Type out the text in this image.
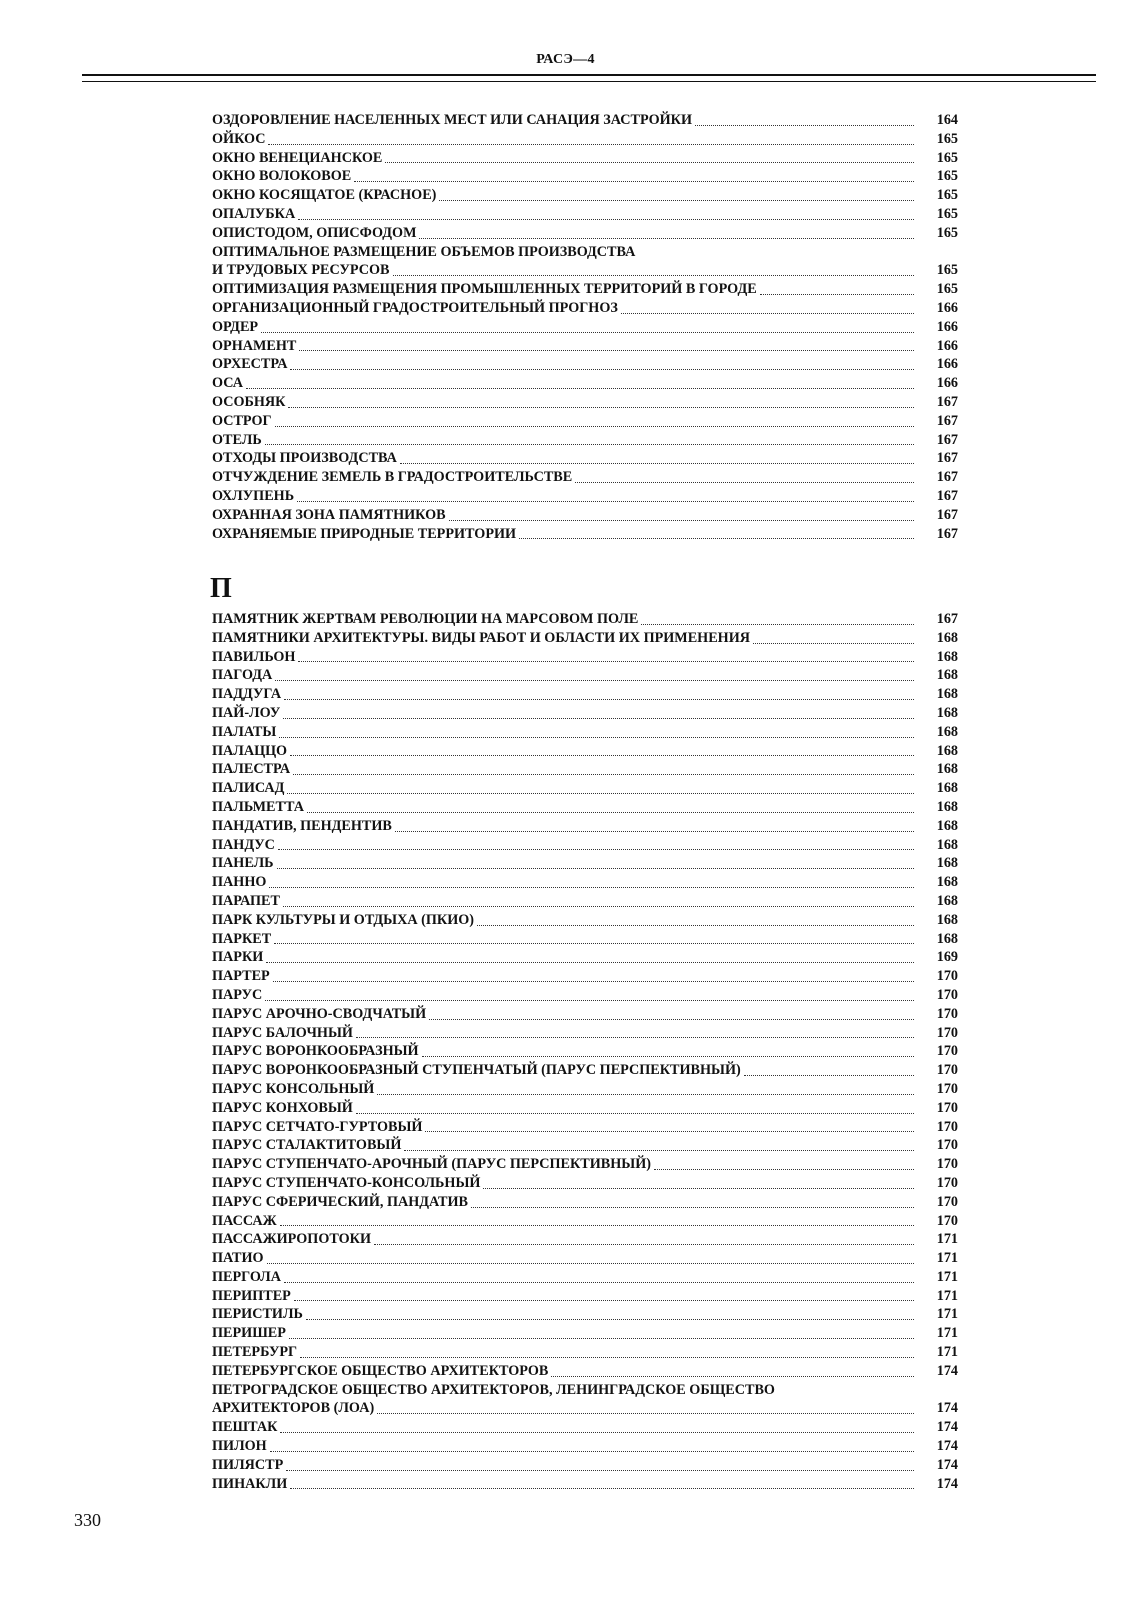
РАСЭ—4
ОЗДОРОВЛЕНИЕ НАСЕЛЕННЫХ МЕСТ ИЛИ САНАЦИЯ ЗАСТРОЙКИ	164
ОЙКОС	165
ОКНО ВЕНЕЦИАНСКОЕ	165
ОКНО ВОЛОКОВОЕ	165
ОКНО КОСЯЩАТОЕ (КРАСНОЕ)	165
ОПАЛУБКА	165
ОПИСТОДОМ, ОПИСФОДОМ	165
ОПТИМАЛЬНОЕ РАЗМЕЩЕНИЕ ОБЪЕМОВ ПРОИЗВОДСТВА
И ТРУДОВЫХ РЕСУРСОВ	165
ОПТИМИЗАЦИЯ РАЗМЕЩЕНИЯ ПРОМЫШЛЕННЫХ ТЕРРИТОРИЙ В ГОРОДЕ	165
ОРГАНИЗАЦИОННЫЙ ГРАДОСТРОИТЕЛЬНЫЙ ПРОГНОЗ	166
ОРДЕР	166
ОРНАМЕНТ	166
ОРХЕСТРА	166
ОСА	166
ОСОБНЯК	167
ОСТРОГ	167
ОТЕЛЬ	167
ОТХОДЫ ПРОИЗВОДСТВА	167
ОТЧУЖДЕНИЕ ЗЕМЕЛЬ В ГРАДОСТРОИТЕЛЬСТВЕ	167
ОХЛУПЕНЬ	167
ОХРАННАЯ ЗОНА ПАМЯТНИКОВ	167
ОХРАНЯЕМЫЕ ПРИРОДНЫЕ ТЕРРИТОРИИ	167
П
ПАМЯТНИК ЖЕРТВАМ РЕВОЛЮЦИИ НА МАРСОВОМ ПОЛЕ	167
ПАМЯТНИКИ АРХИТЕКТУРЫ. ВИДЫ РАБОТ И ОБЛАСТИ ИХ ПРИМЕНЕНИЯ	168
ПАВИЛЬОН	168
ПАГОДА	168
ПАДДУГА	168
ПАЙ-ЛОУ	168
ПАЛАТЫ	168
ПАЛАЦЦО	168
ПАЛЕСТРА	168
ПАЛИСАД	168
ПАЛЬМЕТТА	168
ПАНДАТИВ, ПЕНДЕНТИВ	168
ПАНДУС	168
ПАНЕЛЬ	168
ПАННО	168
ПАРАПЕТ	168
ПАРК КУЛЬТУРЫ И ОТДЫХА (ПКИО)	168
ПАРКЕТ	168
ПАРКИ	169
ПАРТЕР	170
ПАРУС	170
ПАРУС АРОЧНО-СВОДЧАТЫЙ	170
ПАРУС БАЛОЧНЫЙ	170
ПАРУС ВОРОНКООБРАЗНЫЙ	170
ПАРУС ВОРОНКООБРАЗНЫЙ СТУПЕНЧАТЫЙ (ПАРУС ПЕРСПЕКТИВНЫЙ)	170
ПАРУС КОНСОЛЬНЫЙ	170
ПАРУС КОНХОВЫЙ	170
ПАРУС СЕТЧАТО-ГУРТОВЫЙ	170
ПАРУС СТАЛАКТИТОВЫЙ	170
ПАРУС СТУПЕНЧАТО-АРОЧНЫЙ (ПАРУС ПЕРСПЕКТИВНЫЙ)	170
ПАРУС СТУПЕНЧАТО-КОНСОЛЬНЫЙ	170
ПАРУС СФЕРИЧЕСКИЙ, ПАНДАТИВ	170
ПАССАЖ	170
ПАССАЖИРОПОТОКИ	171
ПАТИО	171
ПЕРГОЛА	171
ПЕРИПТЕР	171
ПЕРИСТИЛЬ	171
ПЕРИШЕР	171
ПЕТЕРБУРГ	171
ПЕТЕРБУРГСКОЕ ОБЩЕСТВО АРХИТЕКТОРОВ	174
ПЕТРОГРАДСКОЕ ОБЩЕСТВО АРХИТЕКТОРОВ, ЛЕНИНГРАДСКОЕ ОБЩЕСТВО
АРХИТЕКТОРОВ (ЛОА)	174
ПЕШТАК	174
ПИЛОН	174
ПИЛЯСТР	174
ПИНАКЛИ	174
330
